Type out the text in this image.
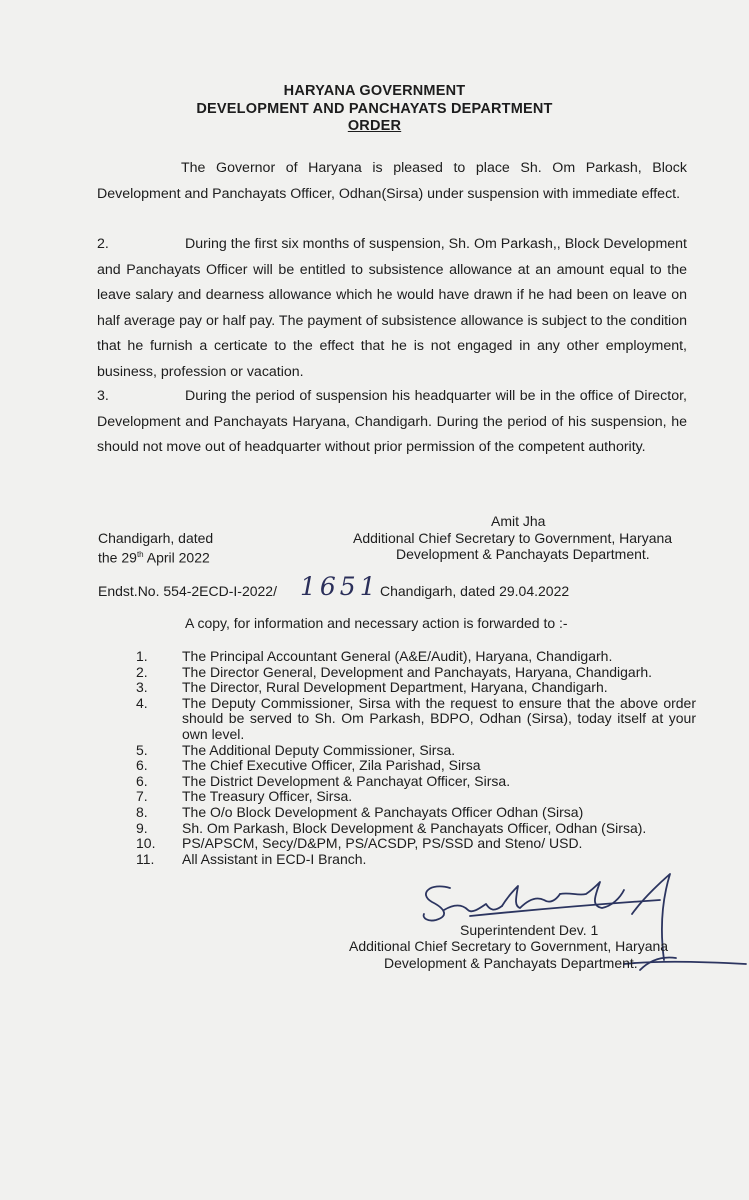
HARYANA GOVERNMENT
DEVELOPMENT AND PANCHAYATS DEPARTMENT
ORDER

The Governor of Haryana is pleased to place Sh. Om Parkash, Block Development and Panchayats Officer, Odhan(Sirsa) under suspension with immediate effect.

2.	During the first six months of suspension, Sh. Om Parkash,, Block Development and Panchayats Officer will be entitled to subsistence allowance at an amount equal to the leave salary and dearness allowance which he would have drawn if he had been on leave on half average pay or half pay. The payment of subsistence allowance is subject to the condition that he furnish a certicate to the effect that he is not engaged in any other employment, business, profession or vacation.

3.	During the period of suspension his headquarter will be in the office of Director, Development and Panchayats Haryana, Chandigarh. During the period of his suspension, he should not move out of headquarter without prior permission of the competent authority.

Amit Jha
Chandigarh, dated	Additional Chief Secretary to Government, Haryana
the 29th April 2022	Development & Panchayats Department.
Endst.No. 554-2ECD-I-2022/ 1651 Chandigarh, dated 29.04.2022
A copy, for information and necessary action is forwarded to :-
1.	The Principal Accountant General (A&E/Audit), Haryana, Chandigarh.
2.	The Director General, Development and Panchayats, Haryana, Chandigarh.
3.	The Director, Rural Development Department, Haryana, Chandigarh.
4.	The Deputy Commissioner, Sirsa with the request to ensure that the above order should be served to Sh. Om Parkash, BDPO, Odhan (Sirsa), today itself at your own level.
5.	The Additional Deputy Commissioner, Sirsa.
6.	The Chief Executive Officer, Zila Parishad, Sirsa
6.	The District Development & Panchayat Officer, Sirsa.
7.	The Treasury Officer, Sirsa.
8.	The O/o Block Development & Panchayats Officer Odhan (Sirsa)
9.	Sh. Om Parkash, Block Development & Panchayats Officer, Odhan (Sirsa).
10.	PS/APSCM, Secy/D&PM, PS/ACSDP, PS/SSD and Steno/ USD.
11.	All Assistant in ECD-I Branch.
Superintendent Dev. 1
Additional Chief Secretary to Government, Haryana
Development & Panchayats Department.
